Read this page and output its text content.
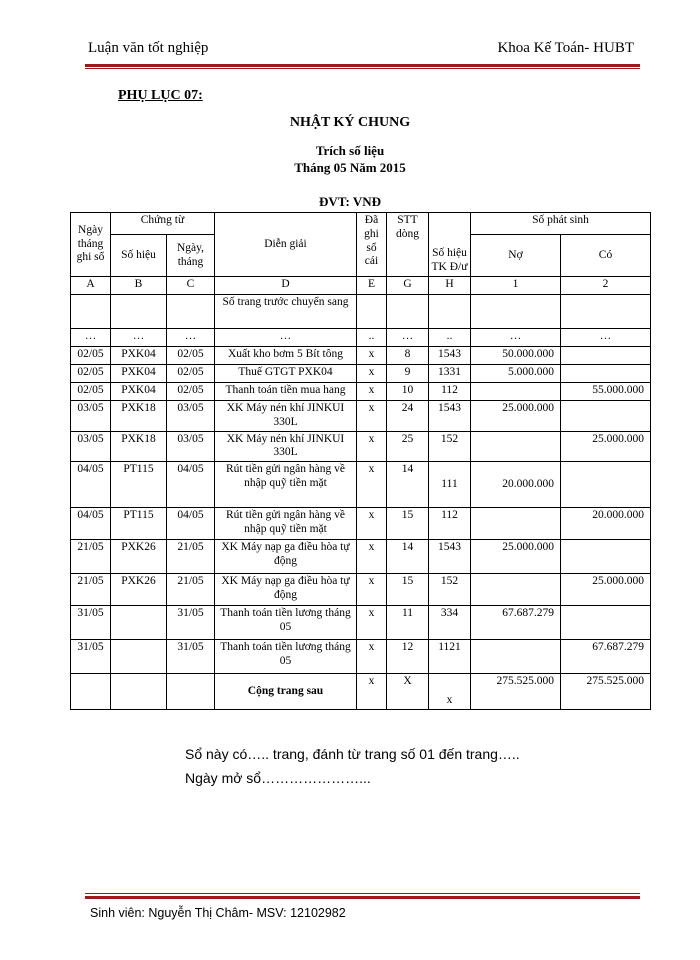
Luận văn tốt nghiệp	Khoa Kế Toán- HUBT
PHỤ LỤC 07:
NHẬT KÝ CHUNG
Trích số liệu
Tháng 05 Năm 2015
ĐVT: VNĐ
Ngày tháng ghi sổ	Chứng từ		Diễn giải	Đã ghi sổ cái	STT dòng	Số hiệu TK Đ/ư	Số phát sinh	
	Số hiệu	Ngày, tháng					Nợ	Có
A	B	C	D	E	G	H	1	2
			Số trang trước chuyển sang					
…	…	…	…	..	…	..	…	…
02/05	PXK04	02/05	Xuất kho bơm 5 Bít tông	x	8	1543	50.000.000	
02/05	PXK04	02/05	Thuế GTGT PXK04	x	9	1331	5.000.000	
02/05	PXK04	02/05	Thanh toán tiền mua hang	x	10	112		55.000.000
03/05	PXK18	03/05	XK Máy nén khí JINKUI 330L	x	24	1543	25.000.000	
03/05	PXK18	03/05	XK Máy nén khí JINKUI 330L	x	25	152		25.000.000
04/05	PT115	04/05	Rút tiền gửi ngân hàng về nhập quỹ tiền mặt	x	14	111	20.000.000	
04/05	PT115	04/05	Rút tiền gửi ngân hàng về nhập quỹ tiền mặt	x	15	112		20.000.000
21/05	PXK26	21/05	XK Máy nạp ga điều hòa tự động	x	14	1543	25.000.000	
21/05	PXK26	21/05	XK Máy nạp ga điều hòa tự động	x	15	152		25.000.000
31/05		31/05	Thanh toán tiền lương tháng 05	x	11	334	67.687.279	
31/05		31/05	Thanh toán tiền lương tháng 05	x	12	1121		67.687.279
			Cộng trang sau	x	X	x	275.525.000	275.525.000
Sổ này có….. trang, đánh từ trang số 01 đến trang…..
Ngày mở sổ…………………...
Sinh viên: Nguyễn Thị Châm- MSV: 12102982
